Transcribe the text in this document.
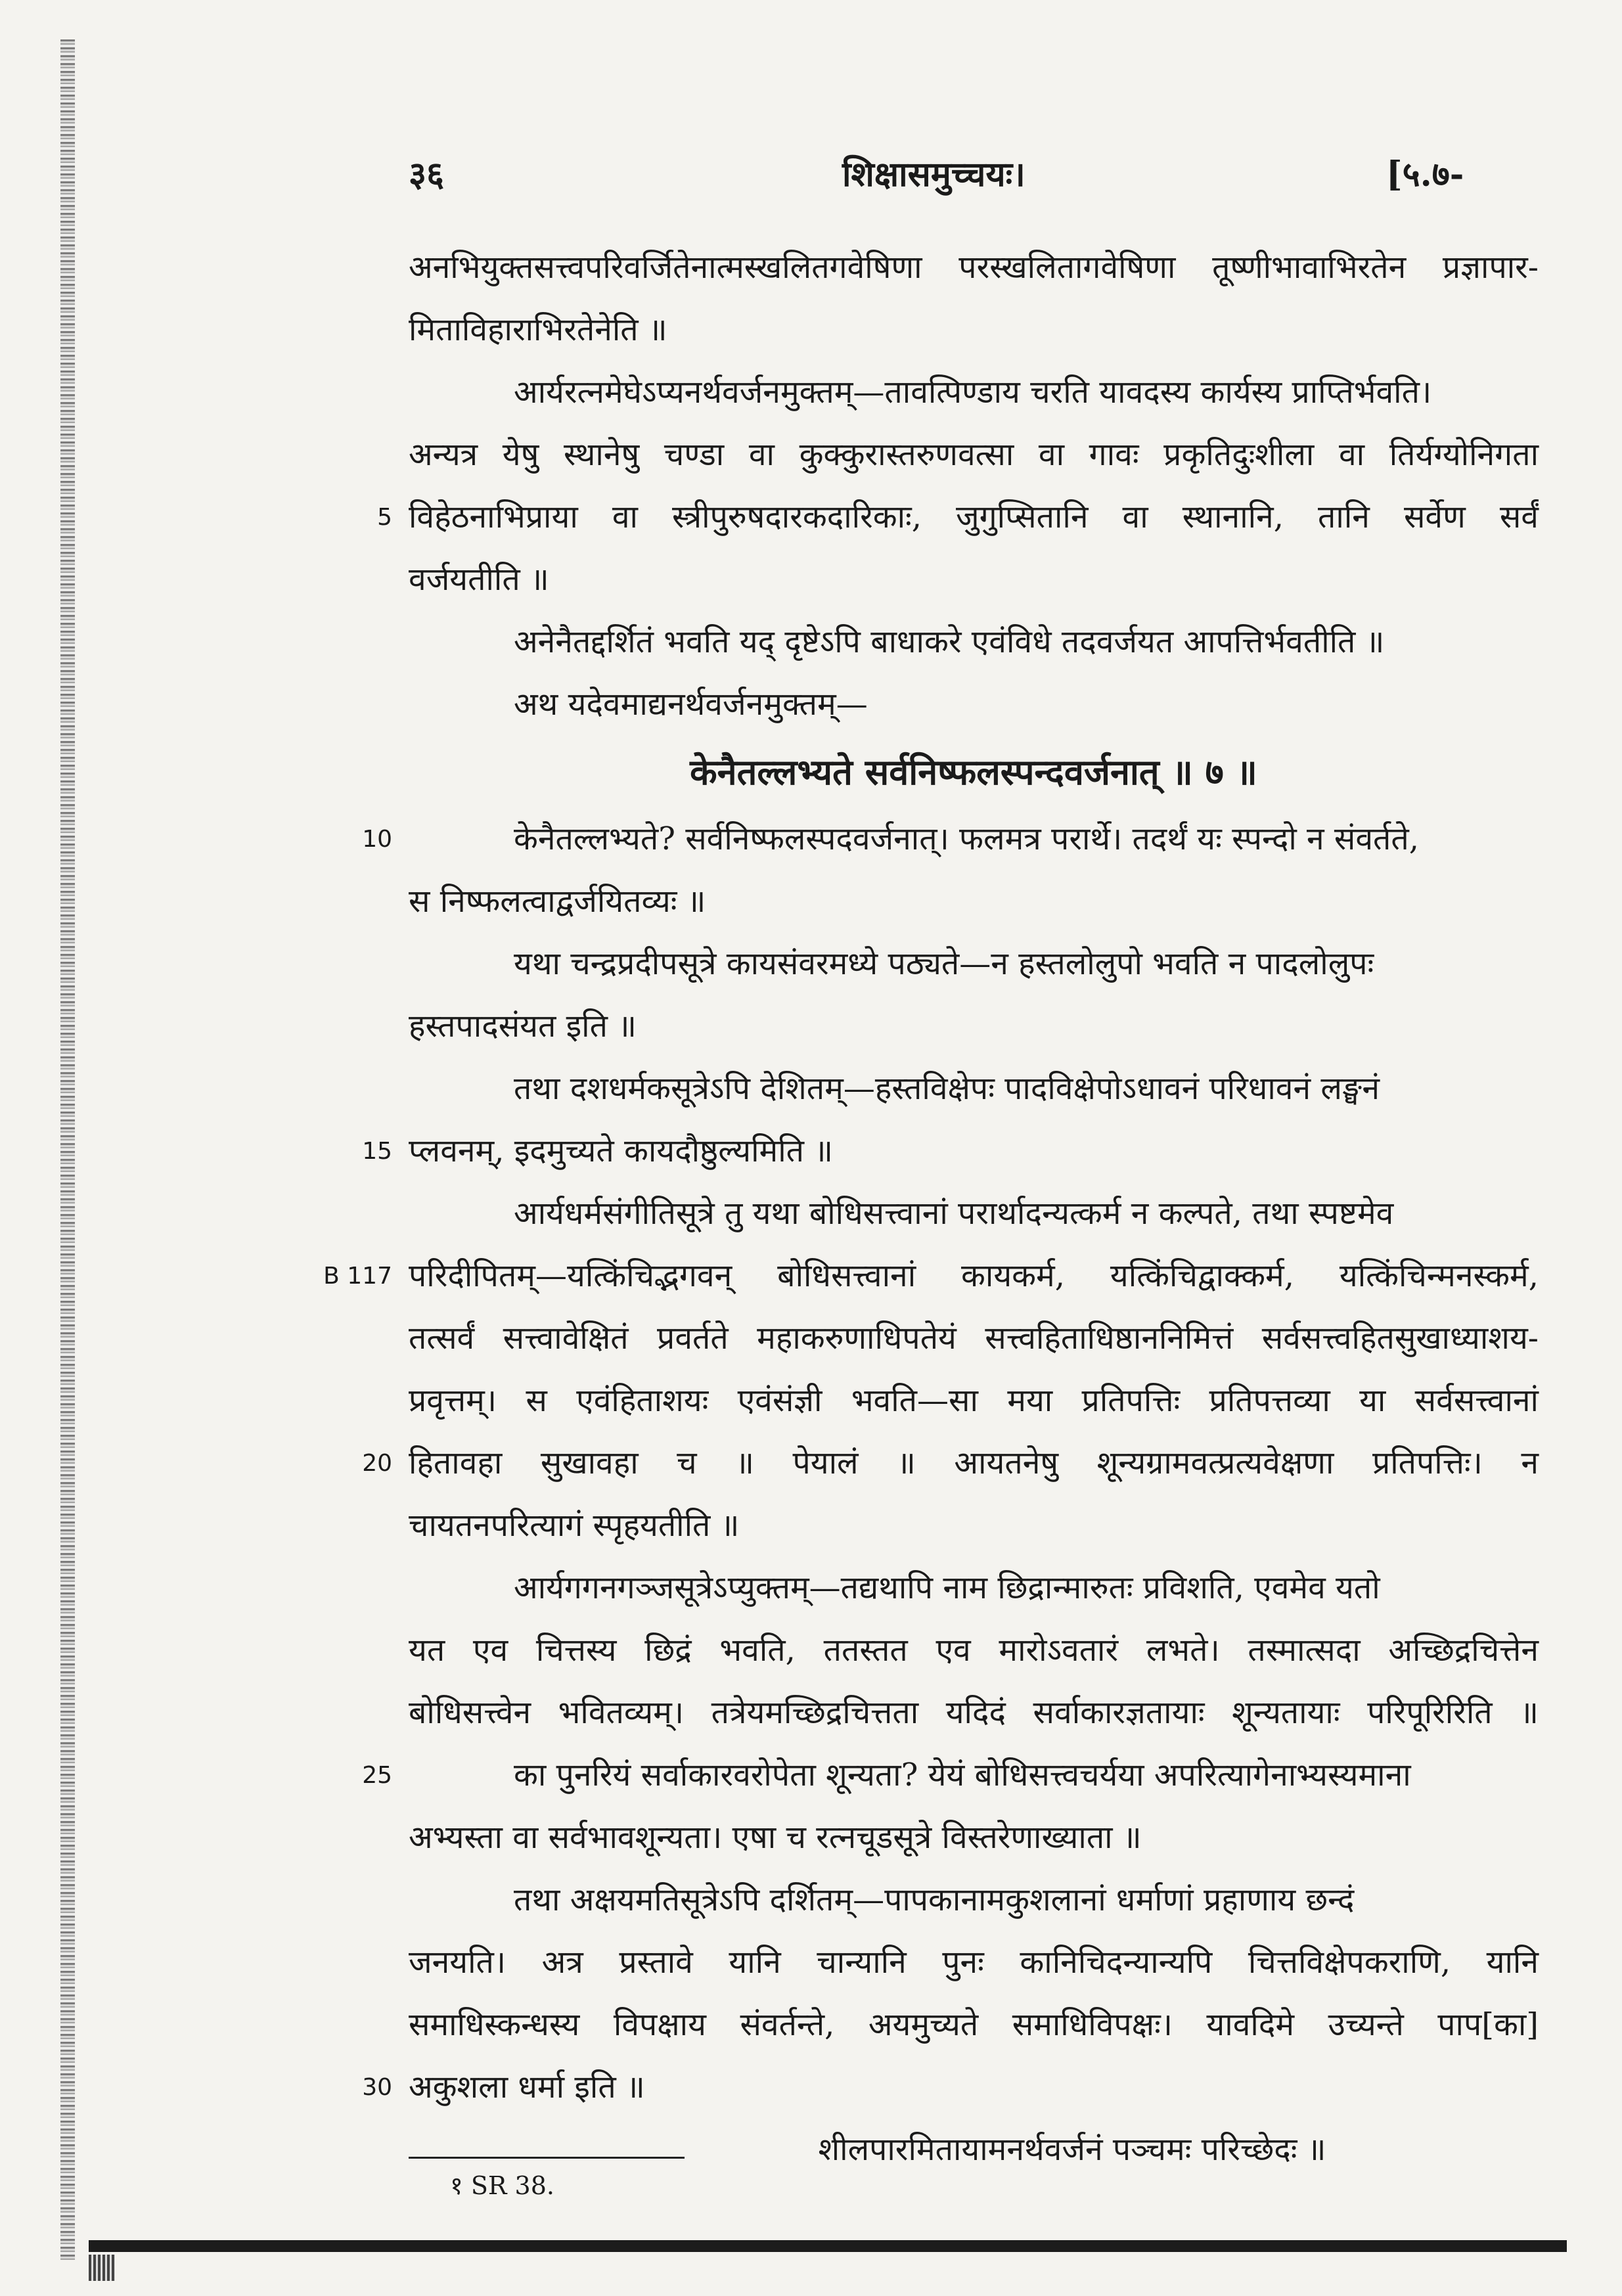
३६	शिक्षासमुच्चयः।	[५.७-
अनभियुक्तसत्त्वपरिवर्जितेनात्मस्खलितगवेषिणा परस्खलितागवेषिणा तूष्णीभावाभिरतेन प्रज्ञापार-
मिताविहाराभिरतेनेति ॥
आर्यरत्नमेघेऽप्यनर्थवर्जनमुक्तम्—तावत्पिण्डाय चरति यावदस्य कार्यस्य प्राप्तिर्भवति।
अन्यत्र येषु स्थानेषु चण्डा वा कुक्कुरास्तरुणवत्सा वा गावः प्रकृतिदुःशीला वा तिर्यग्योनिगता
5 विहेठनाभिप्राया वा स्त्रीपुरुषदारकदारिकाः, जुगुप्सितानि वा स्थानानि, तानि सर्वेण सर्वं
वर्जयतीति ॥
अनेनैतद्दर्शितं भवति यद् दृष्टेऽपि बाधाकरे एवंविधे तदवर्जयत आपत्तिर्भवतीति ॥
अथ यदेवमाद्यनर्थवर्जनमुक्तम्—
केनैतल्लभ्यते सर्वनिष्फलस्पन्दवर्जनात् ॥ ७ ॥
10	केनैतल्लभ्यते? सर्वनिष्फलस्पदवर्जनात्। फलमत्र परार्थे। तदर्थं यः स्पन्दो न संवर्तते,
स निष्फलत्वाद्वर्जयितव्यः ॥
यथा चन्द्रप्रदीपसूत्रे कायसंवरमध्ये पठ्यते—न हस्तलोलुपो भवति न पादलोलुपः
हस्तपादसंयत इति ॥
तथा दशधर्मकसूत्रेऽपि देशितम्—हस्तविक्षेपः पादविक्षेपोऽधावनं परिधावनं लङ्घनं
15 प्लवनम्, इदमुच्यते कायदौष्ठुल्यमिति ॥
आर्यधर्मसंगीतिसूत्रे तु यथा बोधिसत्त्वानां परार्थादन्यत्कर्म न कल्पते, तथा स्पष्टमेव
B 117 परिदीपितम्—यत्किंचिद्भगवन् बोधिसत्त्वानां कायकर्म, यत्किंचिद्वाक्कर्म, यत्किंचिन्मनस्कर्म,
तत्सर्वं सत्त्वावेक्षितं प्रवर्तते महाकरुणाधिपतेयं सत्त्वहिताधिष्ठाननिमित्तं सर्वसत्त्वहितसुखाध्याशय-
प्रवृत्तम्। स एवंहिताशयः एवंसंज्ञी भवति—सा मया प्रतिपत्तिः प्रतिपत्तव्या या सर्वसत्त्वानां
20 हितावहा सुखावहा च ॥ पेयालं ॥ आयतनेषु शून्यग्रामवत्प्रत्यवेक्षणा प्रतिपत्तिः। न
चायतनपरित्यागं स्पृहयतीति ॥
आर्यगगनगञ्जसूत्रेऽप्युक्तम्—तद्यथापि नाम छिद्रान्मारुतः प्रविशति, एवमेव यतो
यत एव चित्तस्य छिद्रं भवति, ततस्तत एव मारोऽवतारं लभते। तस्मात्सदा अच्छिद्रचित्तेन
बोधिसत्त्वेन भवितव्यम्। तत्रेयमच्छिद्रचित्तता यदिदं सर्वाकारज्ञतायाः शून्यतायाः परिपूरिरिति ॥
25	का पुनरियं सर्वाकारवरोपेता शून्यता? येयं बोधिसत्त्वचर्यया अपरित्यागेनाभ्यस्यमाना
अभ्यस्ता वा सर्वभावशून्यता। एषा च रत्नचूडसूत्रे विस्तरेणाख्याता ॥
तथा अक्षयमतिसूत्रेऽपि दर्शितम्—पापकानामकुशलानां धर्माणां प्रहाणाय छन्दं
जनयति। अत्र प्रस्तावे यानि चान्यानि पुनः कानिचिदन्यान्यपि चित्तविक्षेपकराणि, यानि
समाधिस्कन्धस्य विपक्षाय संवर्तन्ते, अयमुच्यते समाधिविपक्षः। यावदिमे उच्यन्ते पाप[का]
30 अकुशला धर्मा इति ॥
शीलपारमितायामनर्थवर्जनं पञ्चमः परिच्छेदः ॥
१ SR 38.
